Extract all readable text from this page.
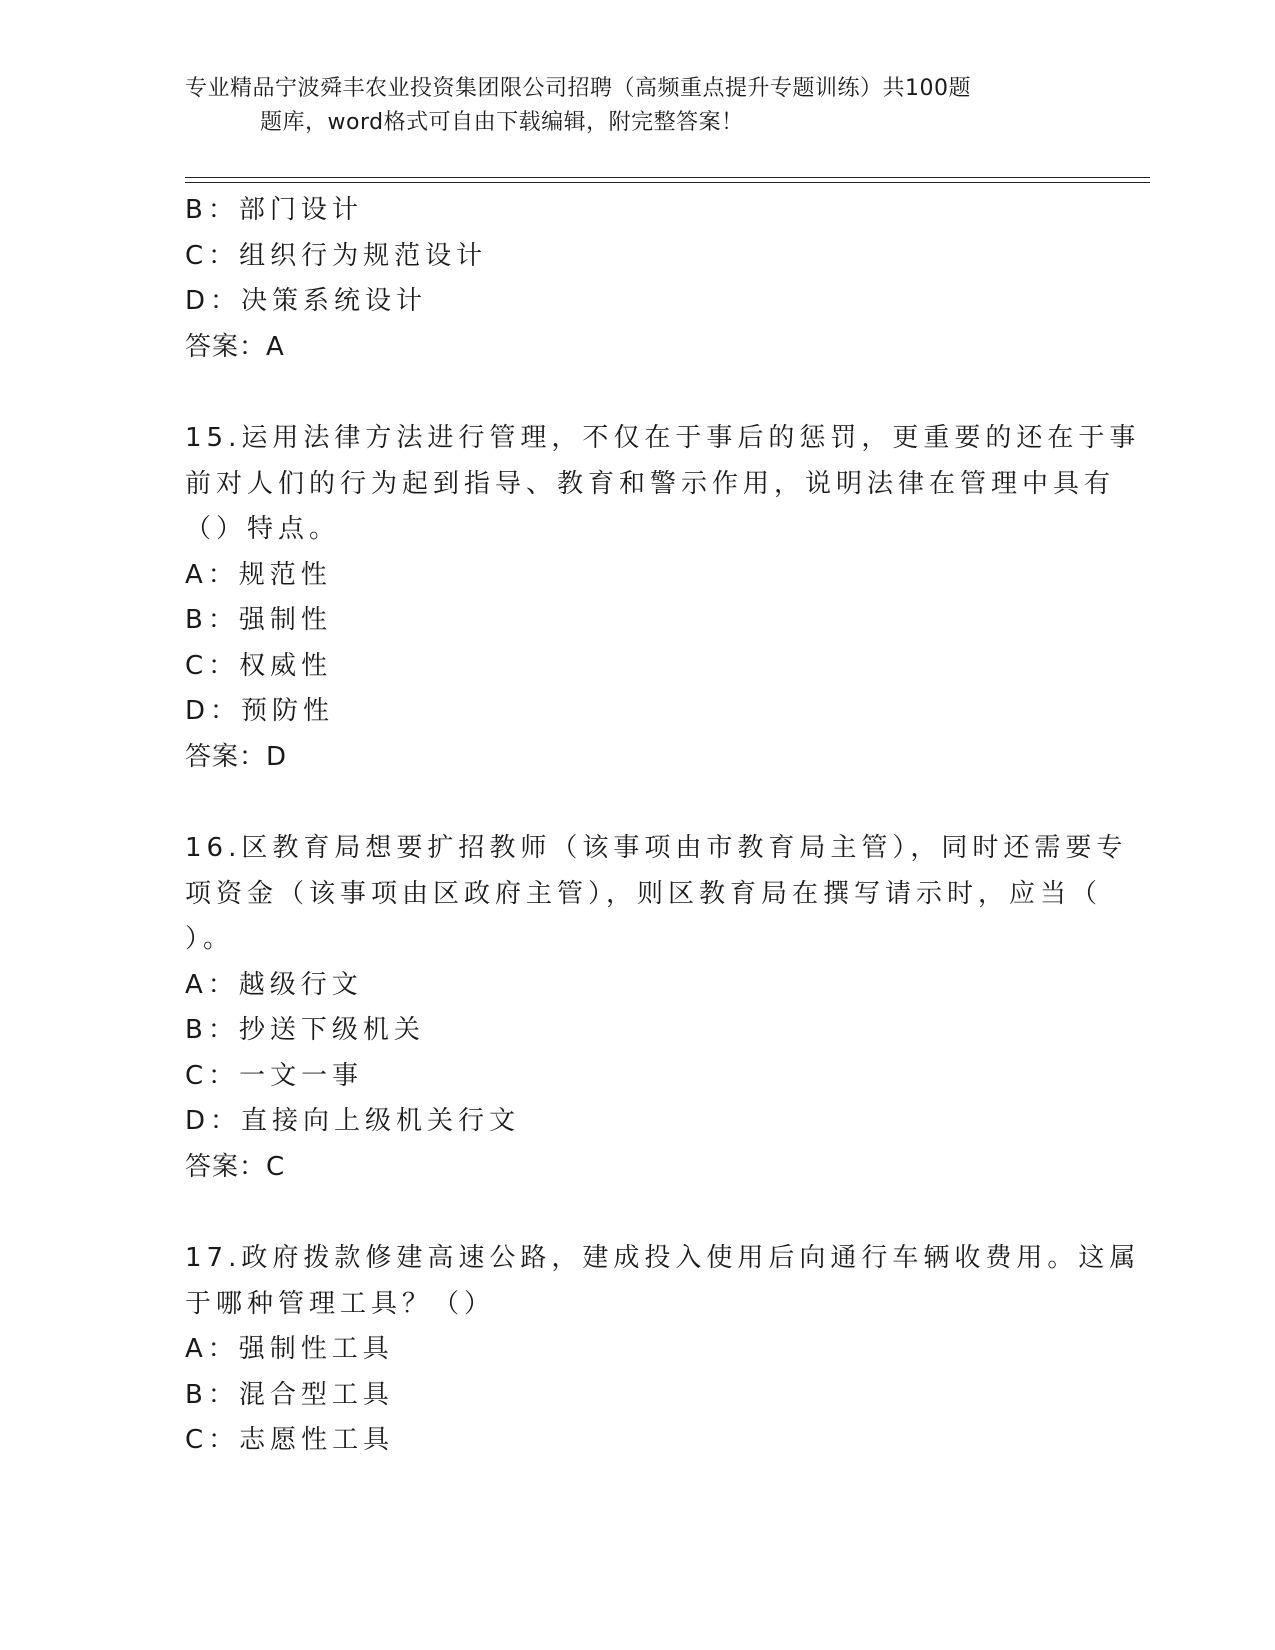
专业精品宁波舜丰农业投资集团限公司招聘（高频重点提升专题训练）共100题
题库，word格式可自由下载编辑，附完整答案！
B：部门设计
C：组织行为规范设计
D：决策系统设计
答案：A
15.运用法律方法进行管理，不仅在于事后的惩罚，更重要的还在于事
前对人们的行为起到指导、教育和警示作用，说明法律在管理中具有
（）特点。
A：规范性
B：强制性
C：权威性
D：预防性
答案：D
16.区教育局想要扩招教师（该事项由市教育局主管），同时还需要专
项资金（该事项由区政府主管），则区教育局在撰写请示时，应当（
）。
A：越级行文
B：抄送下级机关
C：一文一事
D：直接向上级机关行文
答案：C
17.政府拨款修建高速公路，建成投入使用后向通行车辆收费用。这属
于哪种管理工具？（）
A：强制性工具
B：混合型工具
C：志愿性工具
